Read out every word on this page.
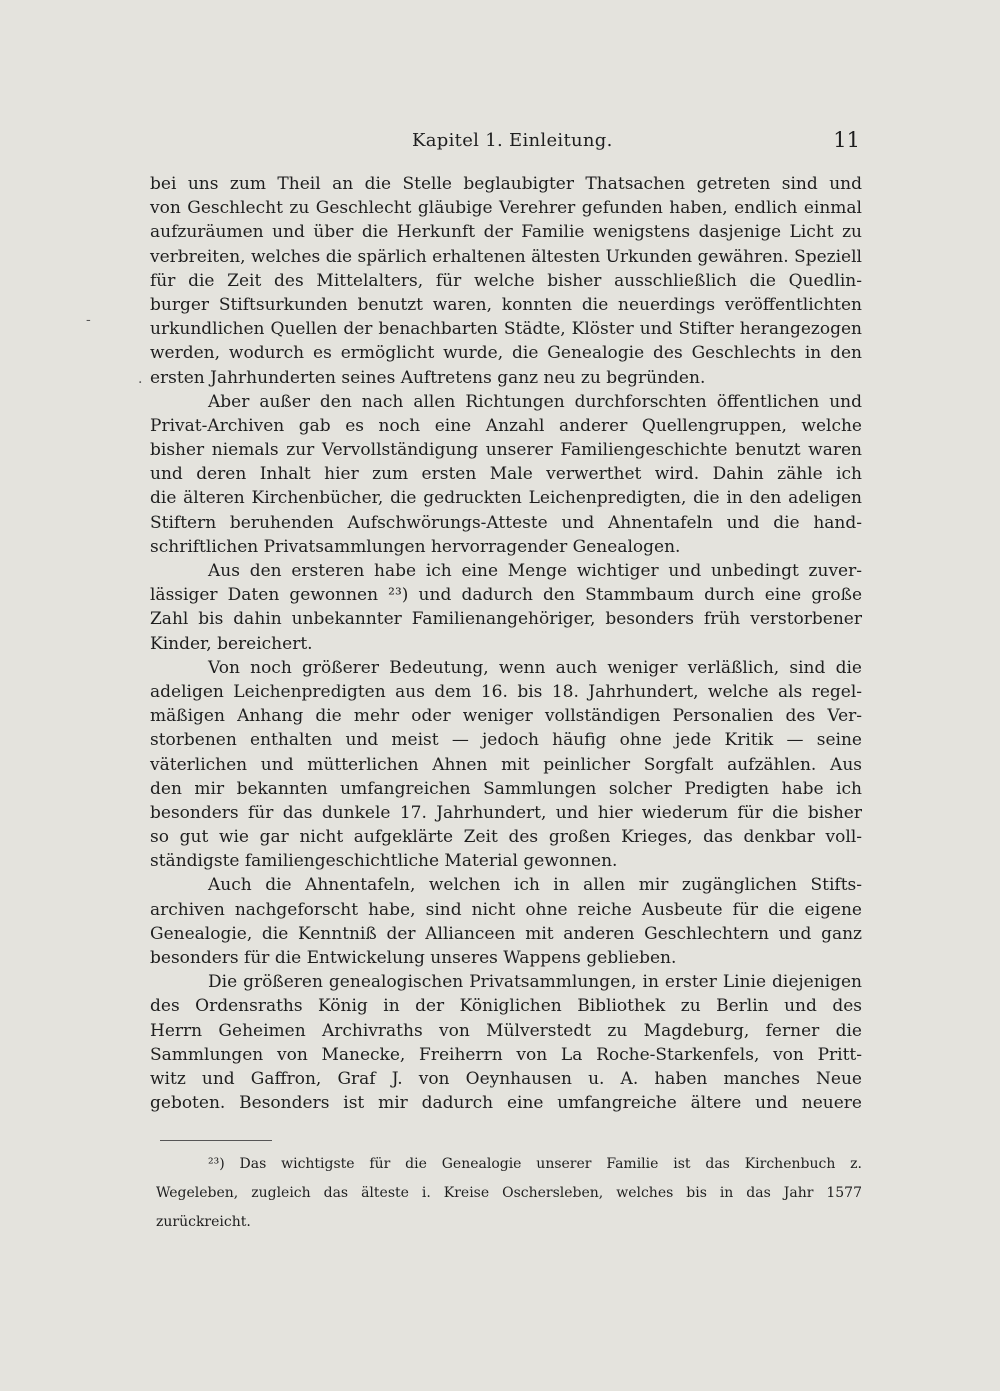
Kapitel 1. Einleitung.	11
bei uns zum Theil an die Stelle beglaubigter Thatsachen getreten sind und
von Geschlecht zu Geschlecht gläubige Verehrer gefunden haben, endlich einmal
aufzuräumen und über die Herkunft der Familie wenigstens dasjenige Licht zu
verbreiten, welches die spärlich erhaltenen ältesten Urkunden gewähren. Speziell
für die Zeit des Mittelalters, für welche bisher ausschließlich die Quedlin-
burger Stiftsurkunden benutzt waren, konnten die neuerdings veröffentlichten
urkundlichen Quellen der benachbarten Städte, Klöster und Stifter herangezogen
werden, wodurch es ermöglicht wurde, die Genealogie des Geschlechts in den
ersten Jahrhunderten seines Auftretens ganz neu zu begründen.
Aber außer den nach allen Richtungen durchforschten öffentlichen und
Privat-Archiven gab es noch eine Anzahl anderer Quellengruppen, welche
bisher niemals zur Vervollständigung unserer Familiengeschichte benutzt waren
und deren Inhalt hier zum ersten Male verwerthet wird. Dahin zähle ich
die älteren Kirchenbücher, die gedruckten Leichenpredigten, die in den adeligen
Stiftern beruhenden Aufschwörungs-Atteste und Ahnentafeln und die hand-
schriftlichen Privatsammlungen hervorragender Genealogen.
Aus den ersteren habe ich eine Menge wichtiger und unbedingt zuver-
lässiger Daten gewonnen ²³) und dadurch den Stammbaum durch eine große
Zahl bis dahin unbekannter Familienangehöriger, besonders früh verstorbener
Kinder, bereichert.
Von noch größerer Bedeutung, wenn auch weniger verläßlich, sind die
adeligen Leichenpredigten aus dem 16. bis 18. Jahrhundert, welche als regel-
mäßigen Anhang die mehr oder weniger vollständigen Personalien des Ver-
storbenen enthalten und meist — jedoch häufig ohne jede Kritik — seine
väterlichen und mütterlichen Ahnen mit peinlicher Sorgfalt aufzählen. Aus
den mir bekannten umfangreichen Sammlungen solcher Predigten habe ich
besonders für das dunkele 17. Jahrhundert, und hier wiederum für die bisher
so gut wie gar nicht aufgeklärte Zeit des großen Krieges, das denkbar voll-
ständigste familiengeschichtliche Material gewonnen.
Auch die Ahnentafeln, welchen ich in allen mir zugänglichen Stifts-
archiven nachgeforscht habe, sind nicht ohne reiche Ausbeute für die eigene
Genealogie, die Kenntniß der Allianceen mit anderen Geschlechtern und ganz
besonders für die Entwickelung unseres Wappens geblieben.
Die größeren genealogischen Privatsammlungen, in erster Linie diejenigen
des Ordensraths König in der Königlichen Bibliothek zu Berlin und des
Herrn Geheimen Archivraths von Mülverstedt zu Magdeburg, ferner die
Sammlungen von Manecke, Freiherrn von La Roche-Starkenfels, von Pritt-
witz und Gaffron, Graf J. von Oeynhausen u. A. haben manches Neue
geboten. Besonders ist mir dadurch eine umfangreiche ältere und neuere
-
·
²³) Das wichtigste für die Genealogie unserer Familie ist das Kirchenbuch z.
Wegeleben, zugleich das älteste i. Kreise Oschersleben, welches bis in das Jahr 1577
zurückreicht.
